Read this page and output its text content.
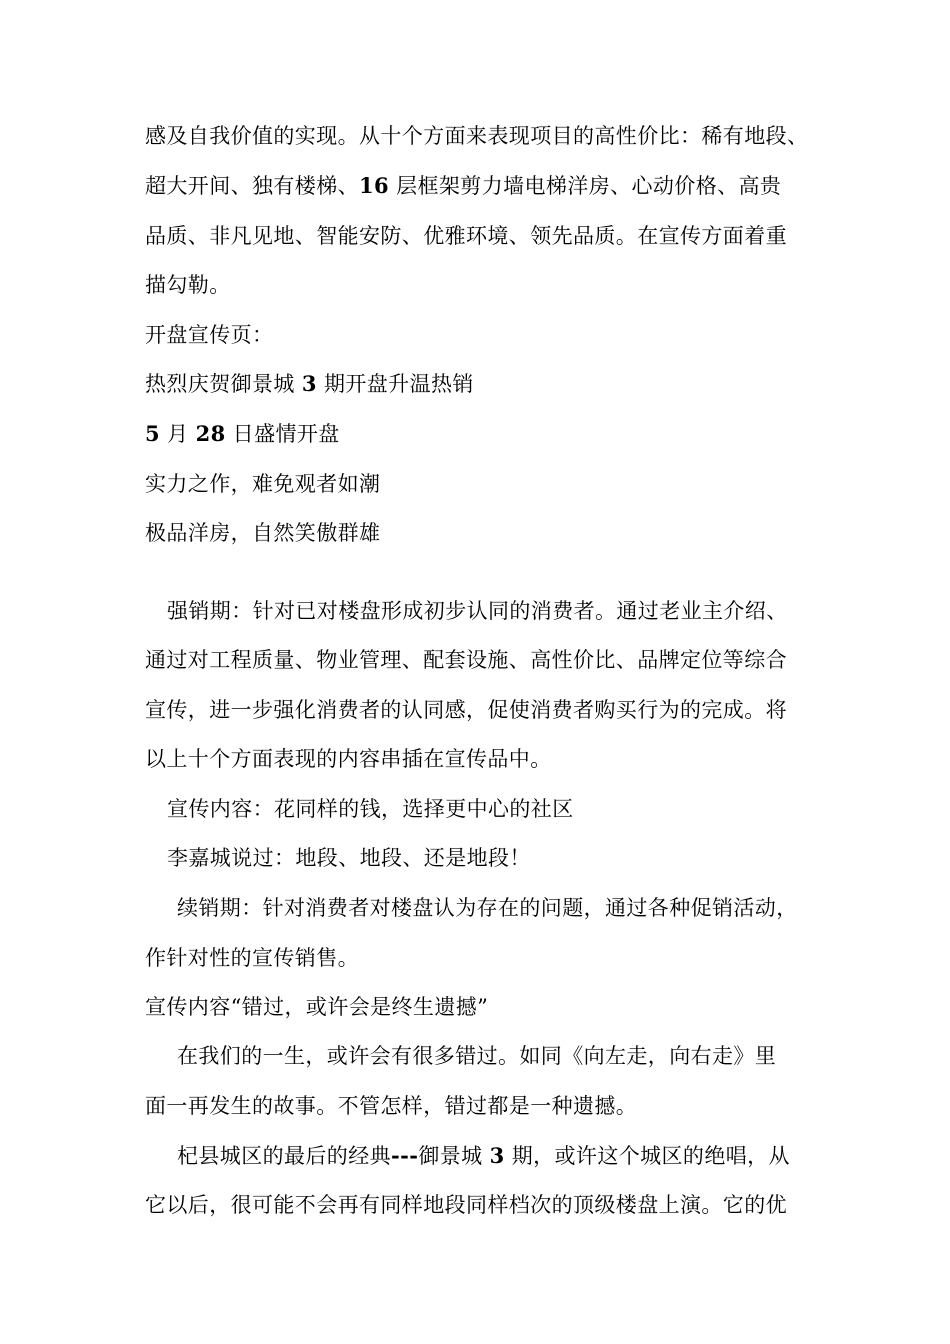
感及自我价值的实现。从十个方面来表现项目的高性价比：稀有地段、
超大开间、独有楼梯、16 层框架剪力墙电梯洋房、心动价格、高贵
品质、非凡见地、智能安防、优雅环境、领先品质。在宣传方面着重
描勾勒。
开盘宣传页：
热烈庆贺御景城 3 期开盘升温热销
5 月 28 日盛情开盘
实力之作，难免观者如潮
极品洋房，自然笑傲群雄
强销期：针对已对楼盘形成初步认同的消费者。通过老业主介绍、
通过对工程质量、物业管理、配套设施、高性价比、品牌定位等综合
宣传，进一步强化消费者的认同感，促使消费者购买行为的完成。将
以上十个方面表现的内容串插在宣传品中。
宣传内容：花同样的钱，选择更中心的社区
李嘉城说过：地段、地段、还是地段！
续销期：针对消费者对楼盘认为存在的问题，通过各种促销活动，
作针对性的宣传销售。
宣传内容“错过，或许会是终生遗撼”
在我们的一生，或许会有很多错过。如同《向左走，向右走》里
面一再发生的故事。不管怎样，错过都是一种遗撼。
杞县城区的最后的经典---御景城 3 期，或许这个城区的绝唱，从
它以后，很可能不会再有同样地段同样档次的顶级楼盘上演。它的优
